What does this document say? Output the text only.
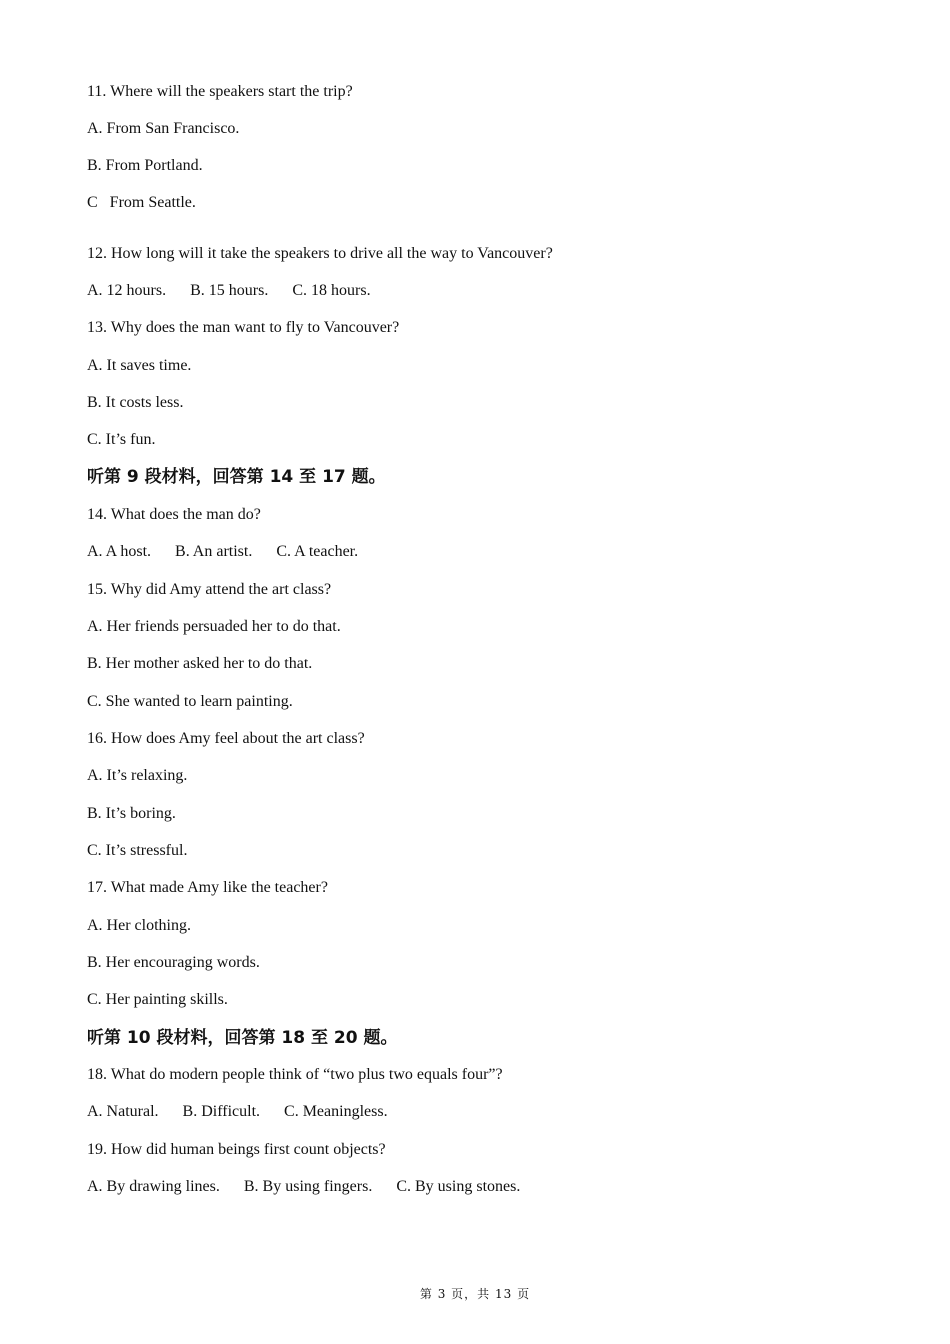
11. Where will the speakers start the trip?
A. From San Francisco.
B. From Portland.
C   From Seattle.
12. How long will it take the speakers to drive all the way to Vancouver?
A. 12 hours. B. 15 hours. C. 18 hours.
13. Why does the man want to fly to Vancouver?
A. It saves time.
B. It costs less.
C. It’s fun.
听第 9 段材料，回答第 14 至 17 题。
14. What does the man do?
A. A host. B. An artist. C. A teacher.
15. Why did Amy attend the art class?
A. Her friends persuaded her to do that.
B. Her mother asked her to do that.
C. She wanted to learn painting.
16. How does Amy feel about the art class?
A. It’s relaxing.
B. It’s boring.
C. It’s stressful.
17. What made Amy like the teacher?
A. Her clothing.
B. Her encouraging words.
C. Her painting skills.
听第 10 段材料，回答第 18 至 20 题。
18. What do modern people think of “two plus two equals four”?
A. Natural. B. Difficult. C. Meaningless.
19. How did human beings first count objects?
A. By drawing lines. B. By using fingers. C. By using stones.
第 3 页，共 13 页
